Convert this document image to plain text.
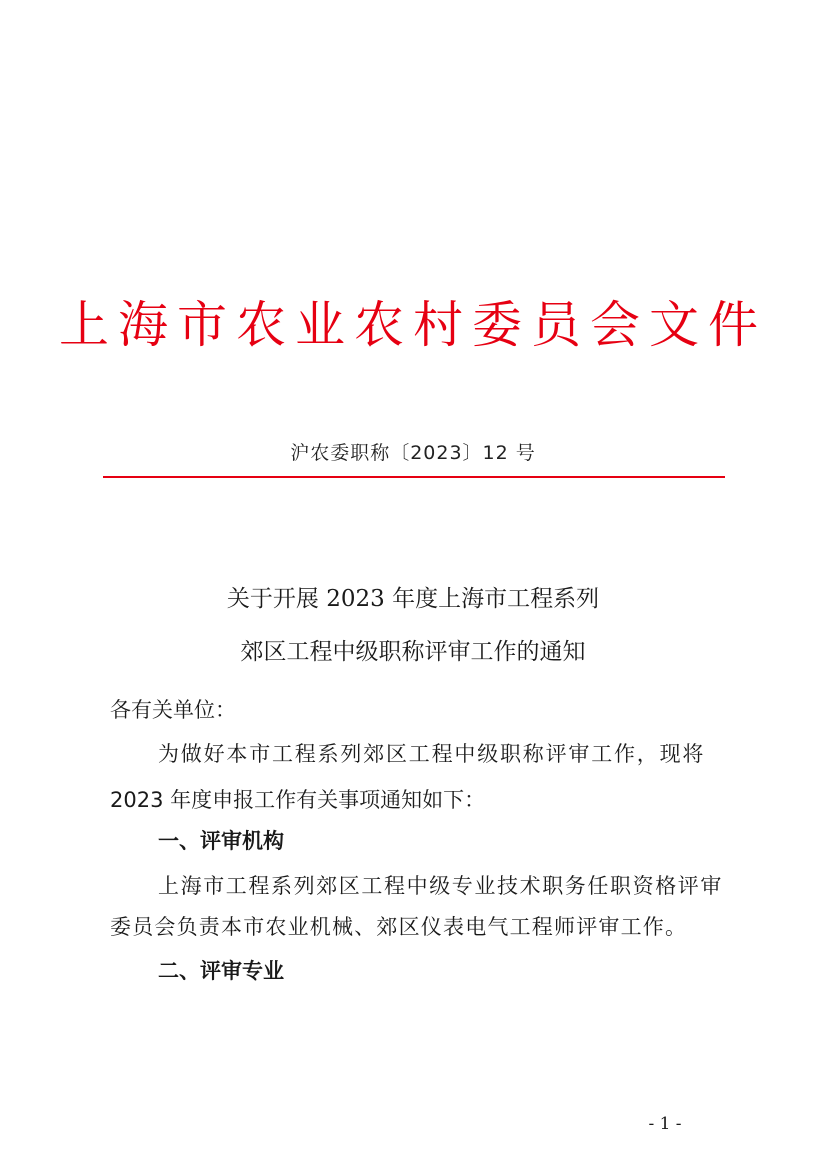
上海市农业农村委员会文件
沪农委职称〔2023〕12 号
关于开展 2023 年度上海市工程系列
郊区工程中级职称评审工作的通知
各有关单位：
为做好本市工程系列郊区工程中级职称评审工作，现将
2023 年度申报工作有关事项通知如下：
一、评审机构
上海市工程系列郊区工程中级专业技术职务任职资格评审
委员会负责本市农业机械、郊区仪表电气工程师评审工作。
二、评审专业
- 1 -
